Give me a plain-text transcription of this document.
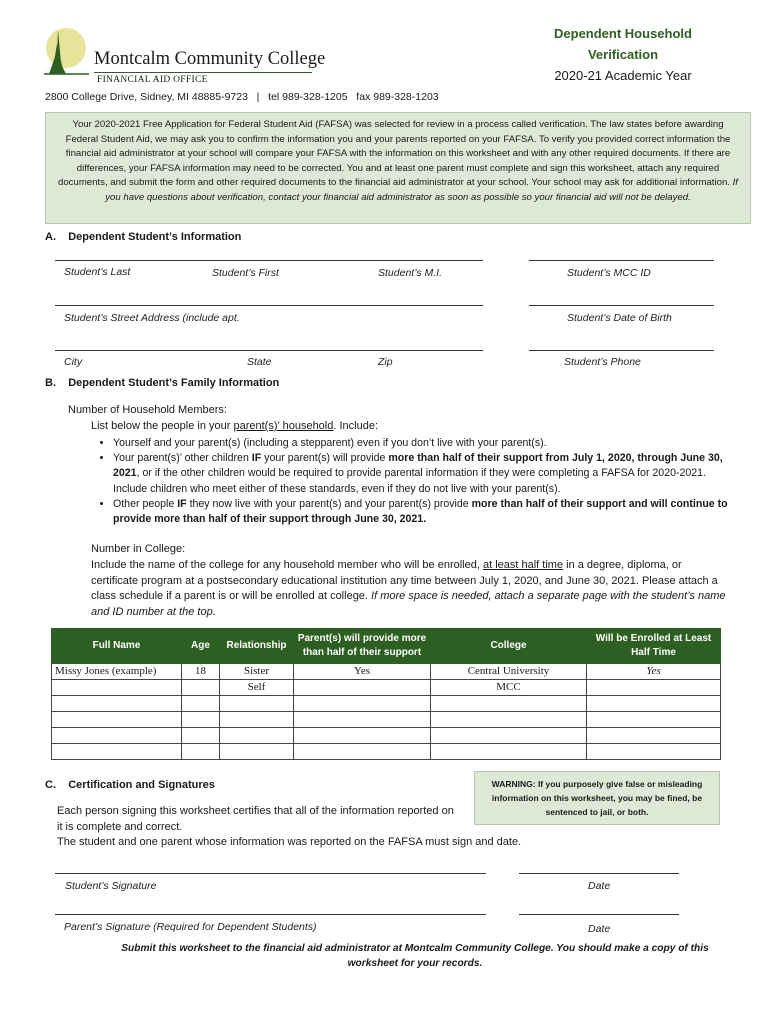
Montcalm Community College
FINANCIAL AID OFFICE
Dependent Household
Verification
2020-21 Academic Year
2800 College Drive, Sidney, MI 48885-9723   |   tel 989-328-1205   fax 989-328-1203
Your 2020-2021 Free Application for Federal Student Aid (FAFSA) was selected for review in a process called verification. The law states before awarding Federal Student Aid, we may ask you to confirm the information you and your parents reported on your FAFSA. To verify you provided correct information the financial aid administrator at your school will compare your FAFSA with the information on this worksheet and with any other required documents. If there are differences, your FAFSA information may need to be corrected. You and at least one parent must complete and sign this worksheet, attach any required documents, and submit the form and other required documents to the financial aid administrator at your school. Your school may ask for additional information. If you have questions about verification, contact your financial aid administrator as soon as possible so your financial aid will not be delayed.
A.    Dependent Student’s Information
Student’s Last	Student’s First	Student’s M.I.	Student’s MCC ID
Student’s Street Address (include apt.	Student’s Date of Birth
City	State	Zip	Student’s Phone
B.    Dependent Student’s Family Information
Number of Household Members:
List below the people in your parent(s)’ household. Include:
• Yourself and your parent(s) (including a stepparent) even if you don’t live with your parent(s).
• Your parent(s)’ other children IF your parent(s) will provide more than half of their support from July 1, 2020, through June 30, 2021, or if the other children would be required to provide parental information if they were completing a FAFSA for 2020-2021. Include children who meet either of these standards, even if they do not live with your parent(s).
• Other people IF they now live with your parent(s) and your parent(s) provide more than half of their support and will continue to provide more than half of their support through June 30, 2021.
Number in College:
Include the name of the college for any household member who will be enrolled, at least half time in a degree, diploma, or certificate program at a postsecondary educational institution any time between July 1, 2020, and June 30, 2021. Please attach a class schedule if a parent is or will be enrolled at college. If more space is needed, attach a separate page with the student’s name and ID number at the top.
Full Name	Age	Relationship	Parent(s) will provide more than half of their support	College	Will be Enrolled at Least Half Time
Missy Jones (example)	18	Sister	Yes	Central University	Yes
		Self		MCC	

C.    Certification and Signatures	WARNING: If you purposely give false or misleading information on this worksheet, you may be fined, be sentenced to jail, or both.
Each person signing this worksheet certifies that all of the information reported on it is complete and correct.
The student and one parent whose information was reported on the FAFSA must sign and date.
Student’s Signature	Date
Parent’s Signature (Required for Dependent Students)	Date
Submit this worksheet to the financial aid administrator at Montcalm Community College. You should make a copy of this worksheet for your records.
